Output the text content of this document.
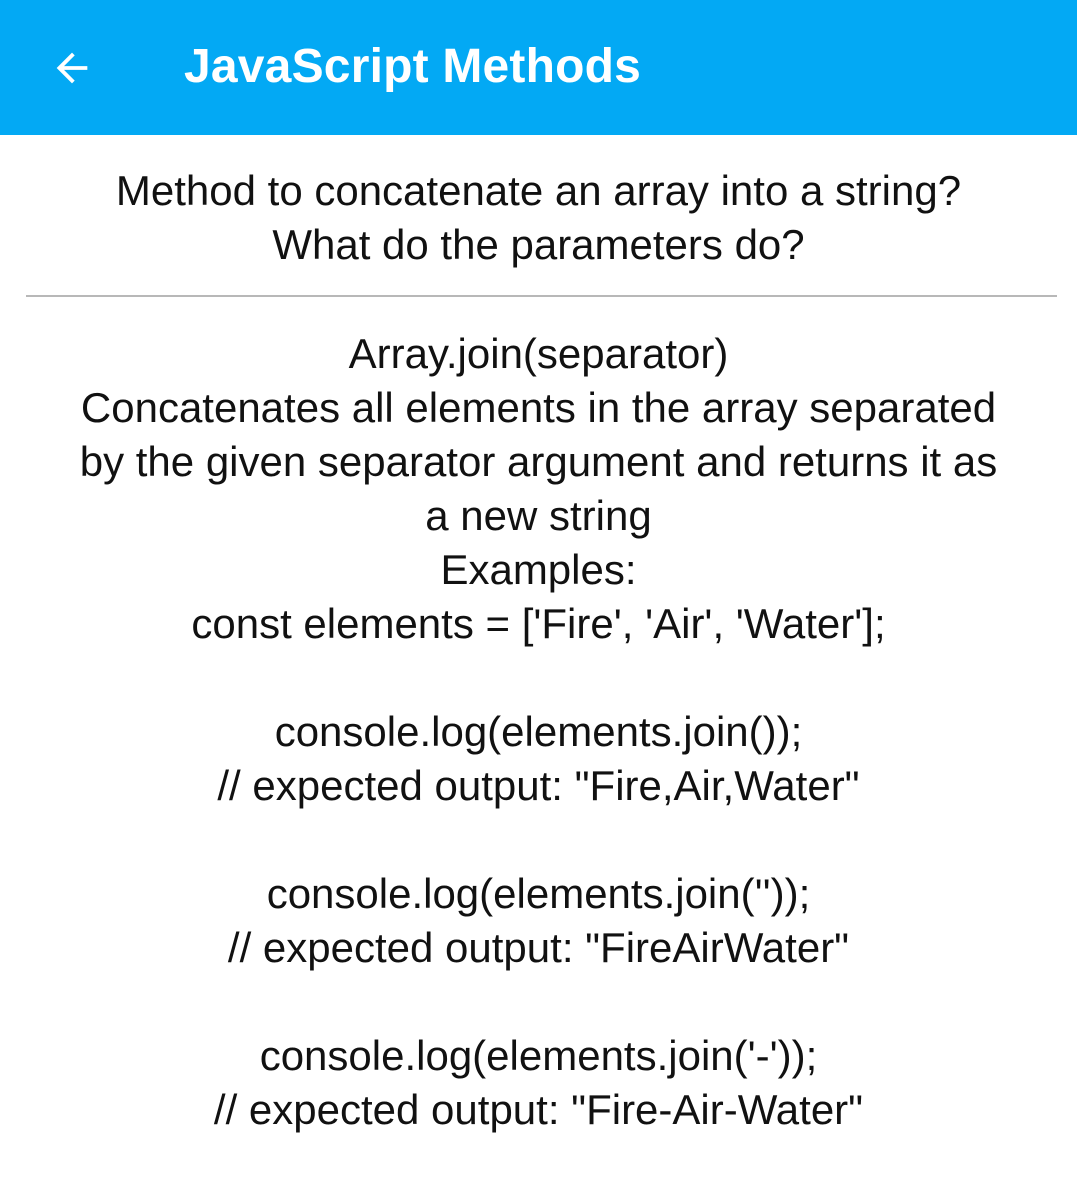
JavaScript Methods
Method to concatenate an array into a string?
What do the parameters do?
Array.join(separator)
Concatenates all elements in the array separated
by the given separator argument and returns it as
a new string
Examples:
const elements = ['Fire', 'Air', 'Water'];
console.log(elements.join());
// expected output: "Fire,Air,Water"
console.log(elements.join(''));
// expected output: "FireAirWater"
console.log(elements.join('-'));
// expected output: "Fire-Air-Water"
